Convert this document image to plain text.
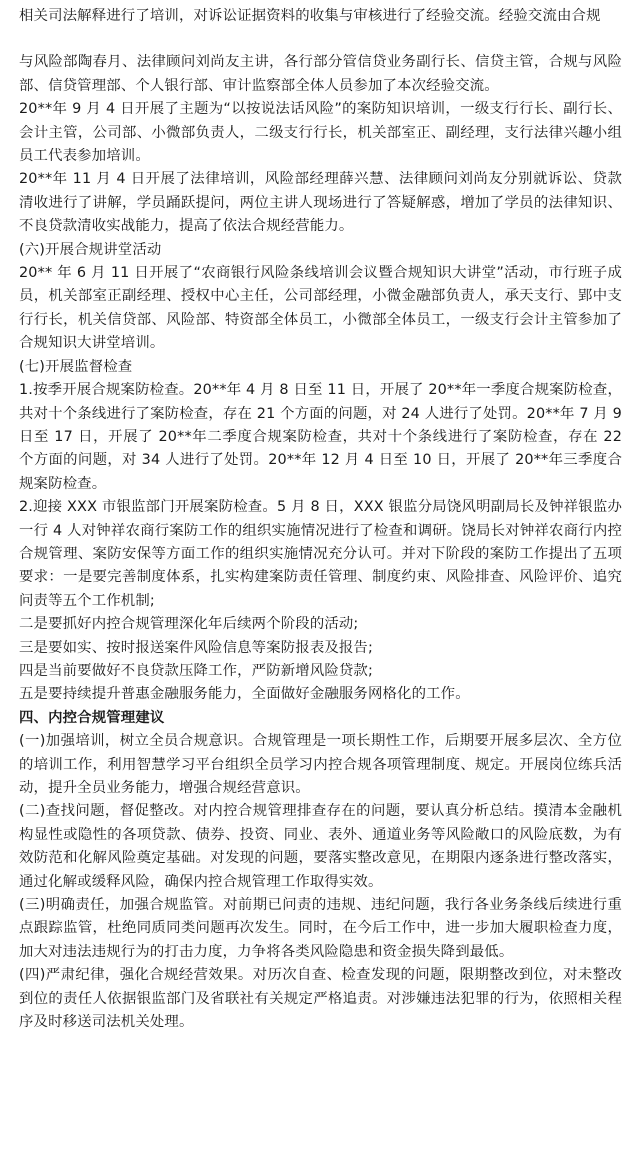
相关司法解释进行了培训，对诉讼证据资料的收集与审核进行了经验交流。经验交流由合规

与风险部陶春月、法律顾问刘尚友主讲，各行部分管信贷业务副行长、信贷主管，合规与风险部、信贷管理部、个人银行部、审计监察部全体人员参加了本次经验交流。

20**年 9 月 4 日开展了主题为“以按说法话风险”的案防知识培训，一级支行行长、副行长、会计主管，公司部、小微部负责人，二级支行行长，机关部室正、副经理，支行法律兴趣小组员工代表参加培训。

20**年 11 月 4 日开展了法律培训，风险部经理薛兴慧、法律顾问刘尚友分别就诉讼、贷款清收进行了讲解，学员踊跃提问，两位主讲人现场进行了答疑解惑，增加了学员的法律知识、不良贷款清收实战能力，提高了依法合规经营能力。

(六)开展合规讲堂活动

20** 年 6 月 11 日开展了“农商银行风险条线培训会议暨合规知识大讲堂”活动，市行班子成员，机关部室正副经理、授权中心主任，公司部经理，小微金融部负责人，承天支行、郢中支行行长，机关信贷部、风险部、特资部全体员工，小微部全体员工，一级支行会计主管参加了合规知识大讲堂培训。

(七)开展监督检查

1.按季开展合规案防检查。20**年 4 月 8 日至 11 日，开展了 20**年一季度合规案防检查，共对十个条线进行了案防检查，存在 21 个方面的问题，对 24 人进行了处罚。20**年 7 月 9 日至 17 日，开展了 20**年二季度合规案防检查，共对十个条线进行了案防检查，存在 22 个方面的问题，对 34 人进行了处罚。20**年 12 月 4 日至 10 日，开展了 20**年三季度合规案防检查。

2.迎接 XXX 市银监部门开展案防检查。5 月 8 日，XXX 银监分局饶风明副局长及钟祥银监办一行 4 人对钟祥农商行案防工作的组织实施情况进行了检查和调研。饶局长对钟祥农商行内控合规管理、案防安保等方面工作的组织实施情况充分认可。并对下阶段的案防工作提出了五项要求：一是要完善制度体系，扎实构建案防责任管理、制度约束、风险排查、风险评价、追究问责等五个工作机制;

二是要抓好内控合规管理深化年后续两个阶段的活动;

三是要如实、按时报送案件风险信息等案防报表及报告;

四是当前要做好不良贷款压降工作，严防新增风险贷款;

五是要持续提升普惠金融服务能力，全面做好金融服务网格化的工作。

四、内控合规管理建议

(一)加强培训，树立全员合规意识。合规管理是一项长期性工作，后期要开展多层次、全方位的培训工作，利用智慧学习平台组织全员学习内控合规各项管理制度、规定。开展岗位练兵活动，提升全员业务能力，增强合规经营意识。

(二)查找问题，督促整改。对内控合规管理排查存在的问题，要认真分析总结。摸清本金融机构显性或隐性的各项贷款、债券、投资、同业、表外、通道业务等风险敞口的风险底数，为有效防范和化解风险奠定基础。对发现的问题，要落实整改意见，在期限内逐条进行整改落实，通过化解或缓释风险，确保内控合规管理工作取得实效。

(三)明确责任，加强合规监管。对前期已问责的违规、违纪问题，我行各业务条线后续进行重点跟踪监管，杜绝同质同类问题再次发生。同时，在今后工作中，进一步加大履职检查力度，加大对违法违规行为的打击力度，力争将各类风险隐患和资金损失降到最低。

(四)严肃纪律，强化合规经营效果。对历次自查、检查发现的问题，限期整改到位，对未整改到位的责任人依据银监部门及省联社有关规定严格追责。对涉嫌违法犯罪的行为，依照相关程序及时移送司法机关处理。
